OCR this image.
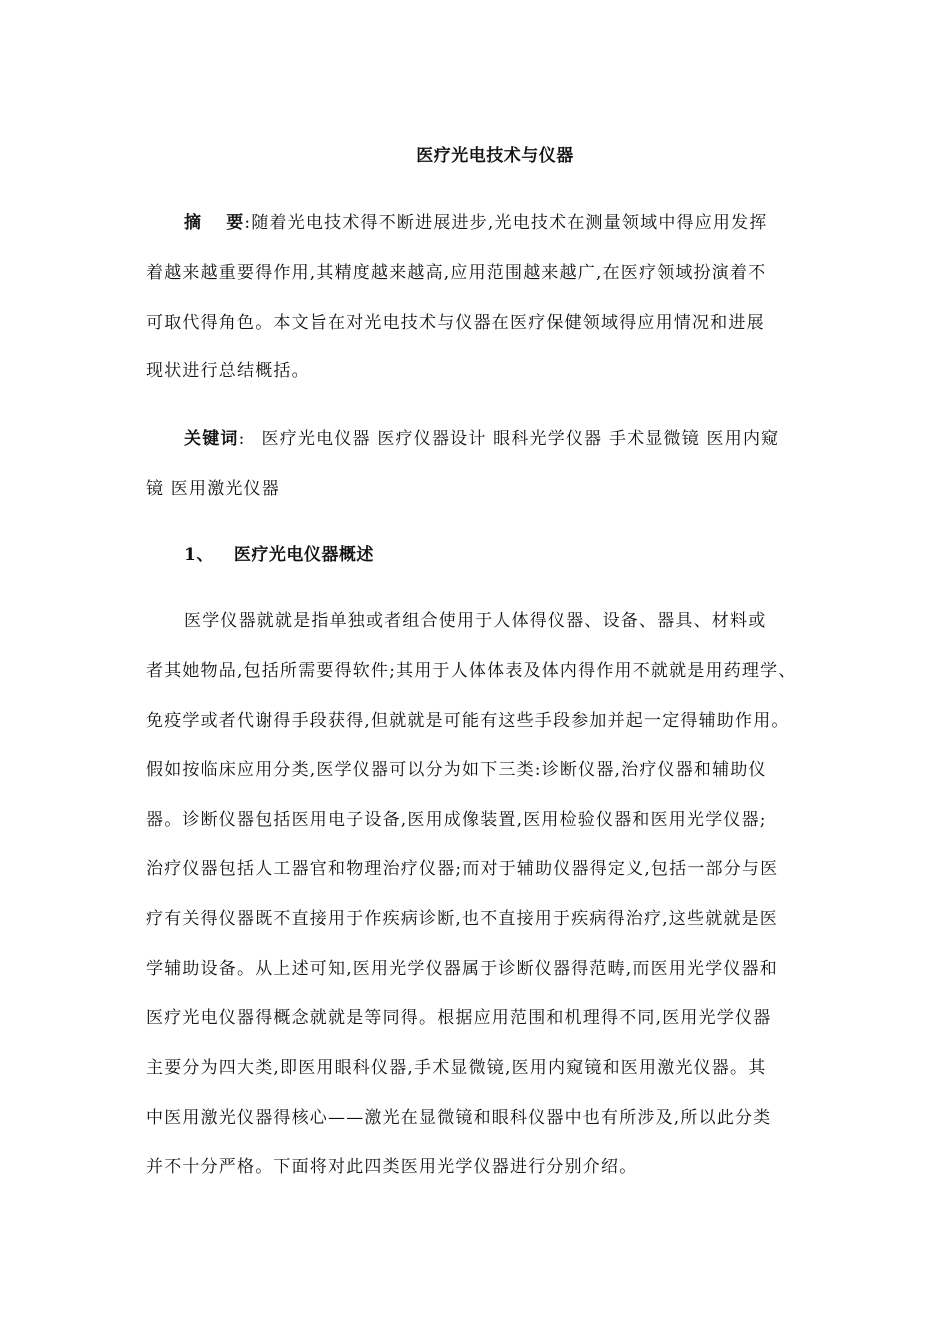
医疗光电技术与仪器
摘 要:随着光电技术得不断进展进步,光电技术在测量领域中得应用发挥
着越来越重要得作用,其精度越来越高,应用范围越来越广,在医疗领域扮演着不
可取代得角色。本文旨在对光电技术与仪器在医疗保健领域得应用情况和进展
现状进行总结概括。
关键词: 医疗光电仪器 医疗仪器设计 眼科光学仪器 手术显微镜 医用内窥
镜 医用激光仪器
1、 医疗光电仪器概述
医学仪器就就是指单独或者组合使用于人体得仪器、设备、器具、材料或
者其她物品,包括所需要得软件;其用于人体体表及体内得作用不就就是用药理学、
免疫学或者代谢得手段获得,但就就是可能有这些手段参加并起一定得辅助作用。
假如按临床应用分类,医学仪器可以分为如下三类:诊断仪器,治疗仪器和辅助仪
器。诊断仪器包括医用电子设备,医用成像装置,医用检验仪器和医用光学仪器;
治疗仪器包括人工器官和物理治疗仪器;而对于辅助仪器得定义,包括一部分与医
疗有关得仪器既不直接用于作疾病诊断,也不直接用于疾病得治疗,这些就就是医
学辅助设备。从上述可知,医用光学仪器属于诊断仪器得范畴,而医用光学仪器和
医疗光电仪器得概念就就是等同得。根据应用范围和机理得不同,医用光学仪器
主要分为四大类,即医用眼科仪器,手术显微镜,医用内窥镜和医用激光仪器。其
中医用激光仪器得核心——激光在显微镜和眼科仪器中也有所涉及,所以此分类
并不十分严格。下面将对此四类医用光学仪器进行分别介绍。
